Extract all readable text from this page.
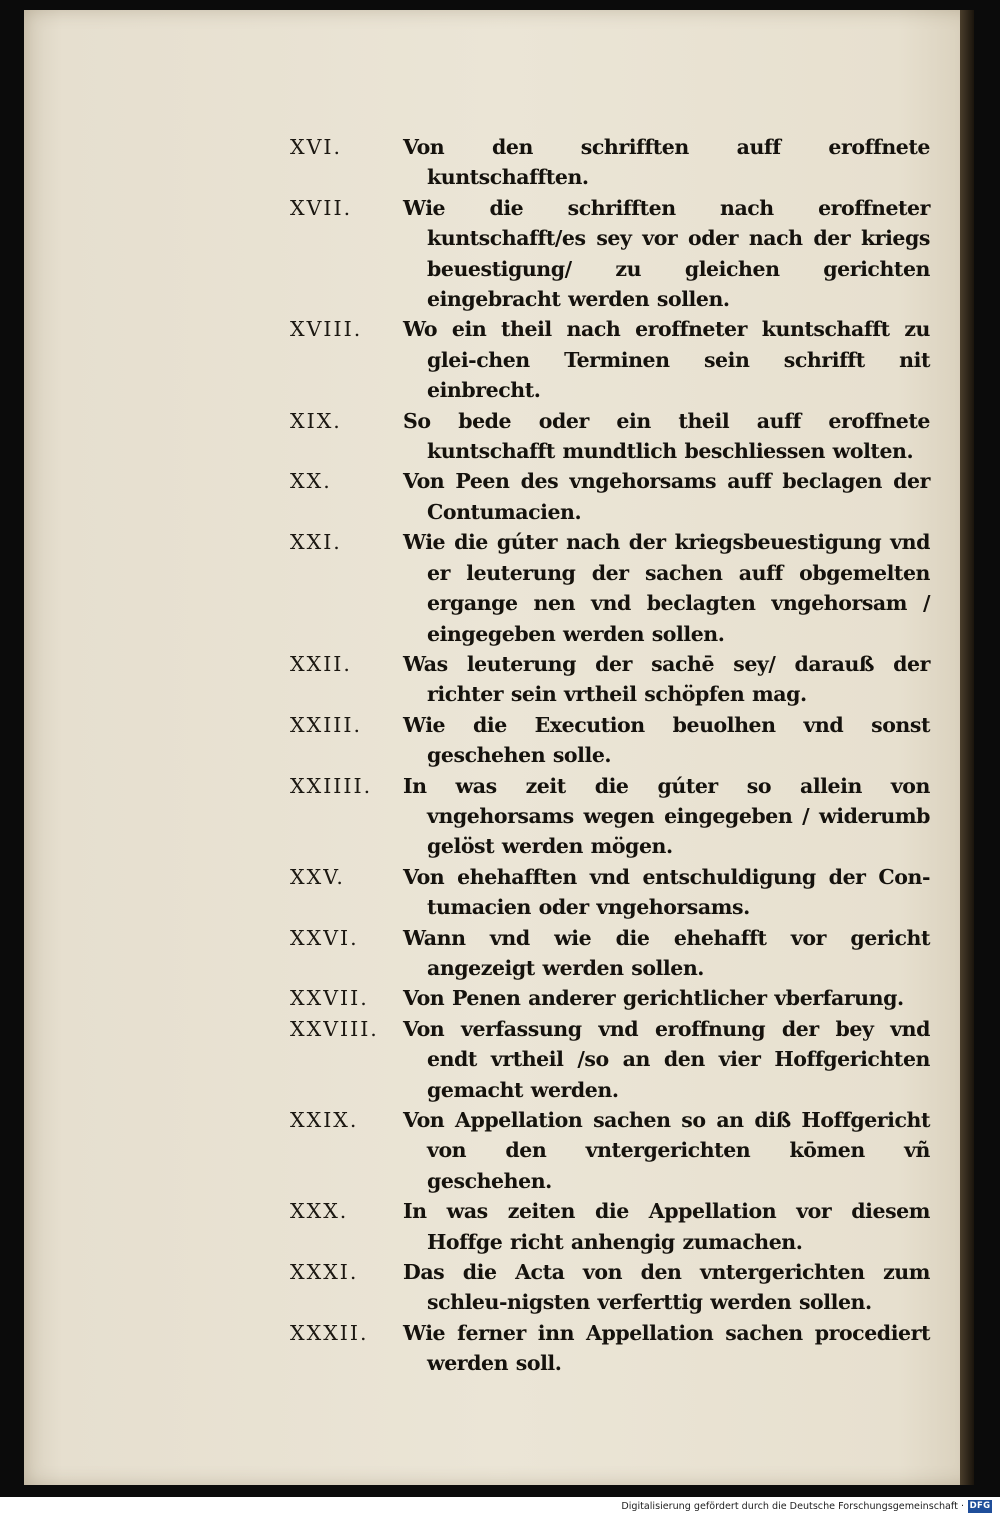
XVI.	Von den schrifften auff eroffnete kuntschafften.
XVII.	Wie die schrifften nach eroffneter kuntschafft/es sey vor oder nach der kriegs beuestigung/ zu gleichen gerichten eingebracht werden sollen.
XVIII.	Wo ein theil nach eroffneter kuntschafft zu glei-chen Terminen sein schrifft nit einbrecht.
XIX.	So bede oder ein theil auff eroffnete kuntschafft mundtlich beschliessen wolten.
XX.	Von Peen des vngehorsams auff beclagen der Contumacien.
XXI.	Wie die gúter nach der kriegsbeuestigung vnd er leuterung der sachen auff obgemelten ergange nen vnd beclagten vngehorsam / eingegeben werden sollen.
XXII.	Was leuterung der sachē sey/ darauß der richter sein vrtheil schöpfen mag.
XXIII.	Wie die Execution beuolhen vnd sonst geschehen solle.
XXIIII.	In was zeit die gúter so allein von vngehorsams wegen eingegeben / widerumb gelöst werden mögen.
XXV.	Von ehehafften vnd entschuldigung der Con-tumacien oder vngehorsams.
XXVI.	Wann vnd wie die ehehafft vor gericht angezeigt werden sollen.
XXVII.	Von Penen anderer gerichtlicher vberfarung.
XXVIII.	Von verfassung vnd eroffnung der bey vnd endt vrtheil /so an den vier Hoffgerichten gemacht werden.
XXIX.	Von Appellation sachen so an diß Hoffgericht von den vntergerichten kōmen vñ geschehen.
XXX.	In was zeiten die Appellation vor diesem Hoffge richt anhengig zumachen.
XXXI.	Das die Acta von den vntergerichten zum schleu-nigsten verferttig werden sollen.
XXXII.	Wie ferner inn Appellation sachen procediert werden soll.
Digitalisierung gefördert durch die Deutsche Forschungsgemeinschaft · DFG
